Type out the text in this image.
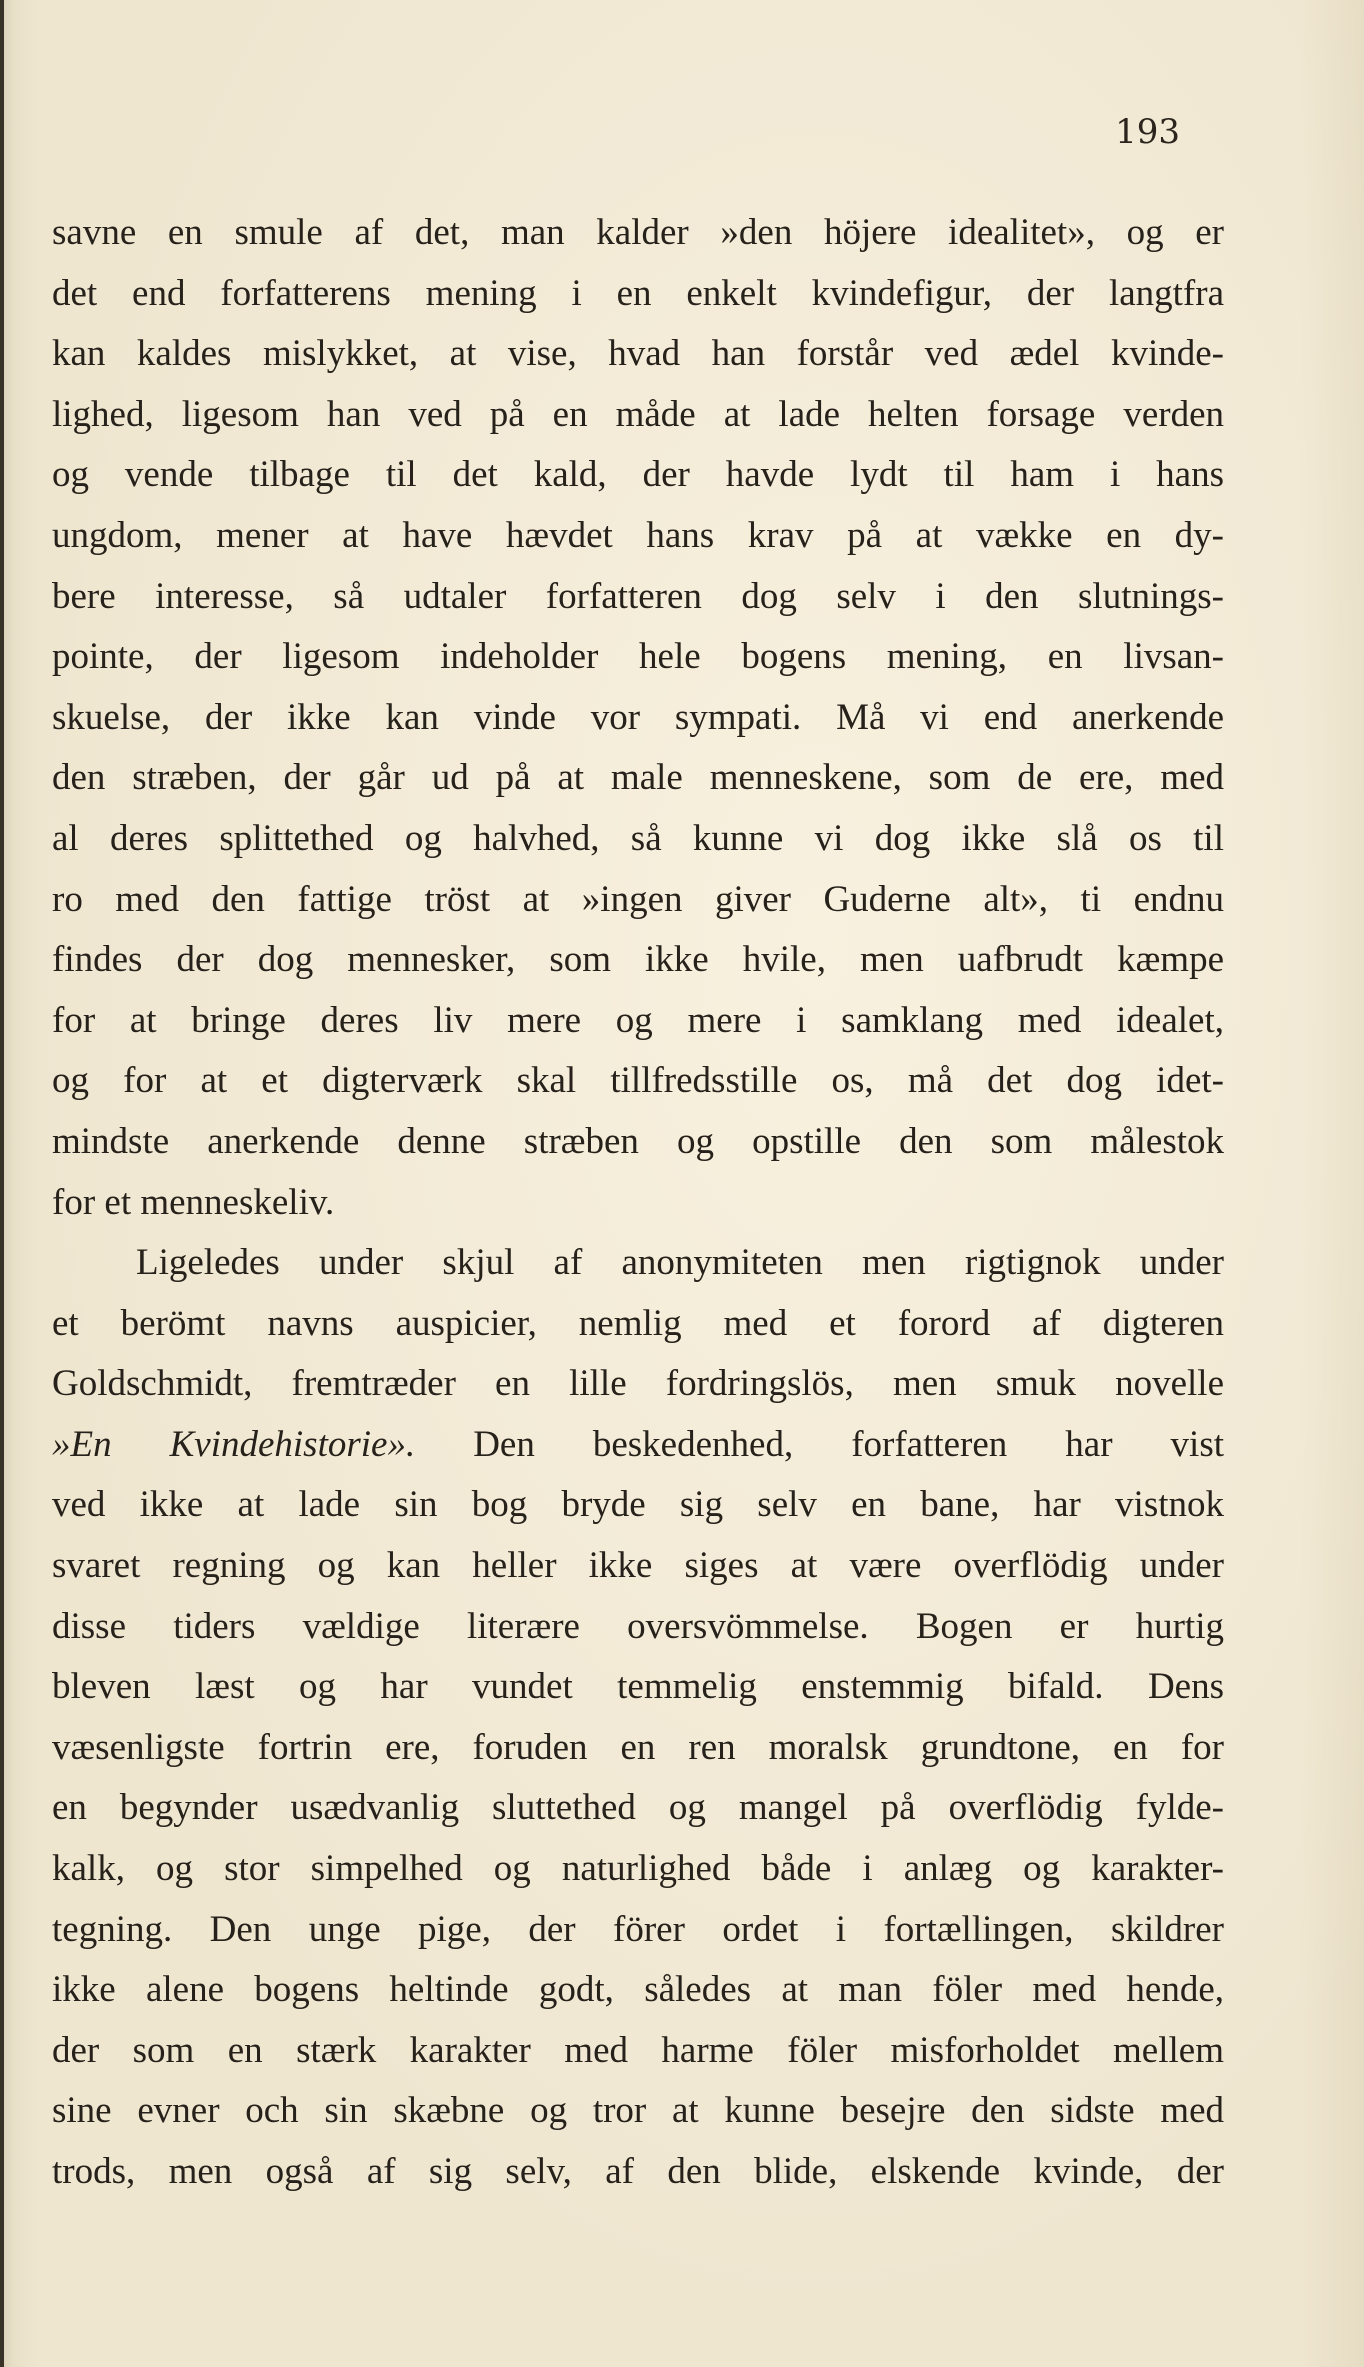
193
savne en smule af det, man kalder »den höjere idealitet», og er
det end forfatterens mening i en enkelt kvindefigur, der langtfra
kan kaldes mislykket, at vise, hvad han forstår ved ædel kvinde-
lighed, ligesom han ved på en måde at lade helten forsage verden
og vende tilbage til det kald, der havde lydt til ham i hans
ungdom, mener at have hævdet hans krav på at vække en dy-
bere interesse, så udtaler forfatteren dog selv i den slutnings-
pointe, der ligesom indeholder hele bogens mening, en livsan-
skuelse, der ikke kan vinde vor sympati. Må vi end anerkende
den stræben, der går ud på at male menneskene, som de ere, med
al deres splittethed og halvhed, så kunne vi dog ikke slå os til
ro med den fattige tröst at »ingen giver Guderne alt», ti endnu
findes der dog mennesker, som ikke hvile, men uafbrudt kæmpe
for at bringe deres liv mere og mere i samklang med idealet,
og for at et digterværk skal tillfredsstille os, må det dog idet-
mindste anerkende denne stræben og opstille den som målestok
for et menneskeliv.
Ligeledes under skjul af anonymiteten men rigtignok under
et berömt navns auspicier, nemlig med et forord af digteren
Goldschmidt, fremtræder en lille fordringslös, men smuk novelle
»En Kvindehistorie». Den beskedenhed, forfatteren har vist
ved ikke at lade sin bog bryde sig selv en bane, har vistnok
svaret regning og kan heller ikke siges at være overflödig under
disse tiders vældige literære oversvömmelse. Bogen er hurtig
bleven læst og har vundet temmelig enstemmig bifald. Dens
væsenligste fortrin ere, foruden en ren moralsk grundtone, en for
en begynder usædvanlig sluttethed og mangel på overflödig fylde-
kalk, og stor simpelhed og naturlighed både i anlæg og karakter-
tegning. Den unge pige, der förer ordet i fortællingen, skildrer
ikke alene bogens heltinde godt, således at man föler med hende,
der som en stærk karakter med harme föler misforholdet mellem
sine evner och sin skæbne og tror at kunne besejre den sidste med
trods, men også af sig selv, af den blide, elskende kvinde, der
